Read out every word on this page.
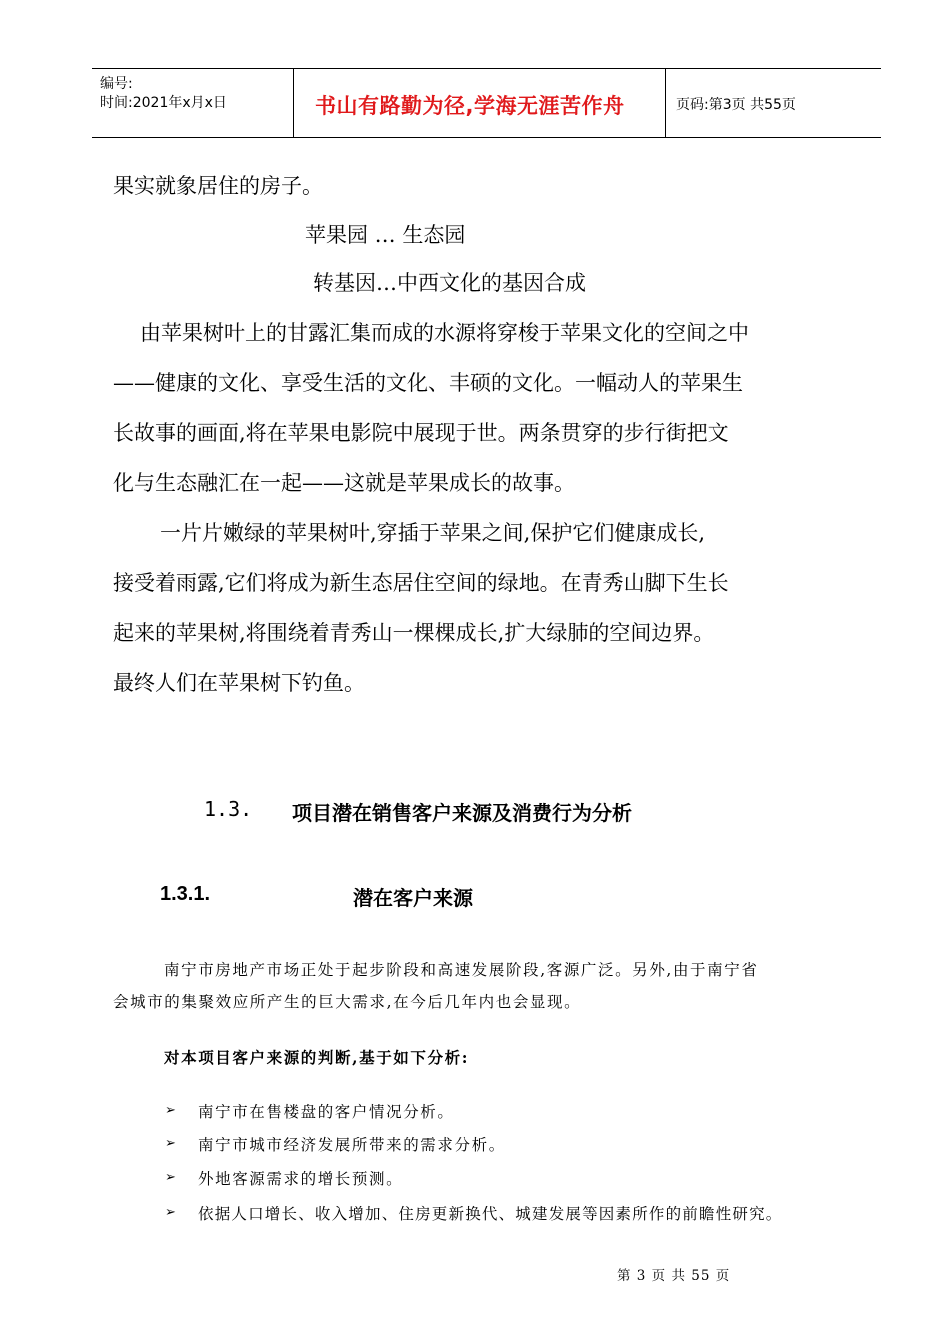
编号:
时间:2021年x月x日	书山有路勤为径,学海无涯苦作舟	页码:第3页 共55页
果实就象居住的房子。
苹果园 … 生态园
转基因…中西文化的基因合成
由苹果树叶上的甘露汇集而成的水源将穿梭于苹果文化的空间之中
——健康的文化、享受生活的文化、丰硕的文化。一幅动人的苹果生
长故事的画面,将在苹果电影院中展现于世。两条贯穿的步行街把文
化与生态融汇在一起——这就是苹果成长的故事。
一片片嫩绿的苹果树叶,穿插于苹果之间,保护它们健康成长,
接受着雨露,它们将成为新生态居住空间的绿地。在青秀山脚下生长
起来的苹果树,将围绕着青秀山一棵棵成长,扩大绿肺的空间边界。
最终人们在苹果树下钓鱼。
1.3. 项目潜在销售客户来源及消费行为分析
1.3.1.	潜在客户来源
南宁市房地产市场正处于起步阶段和高速发展阶段,客源广泛。另外,由于南宁省
会城市的集聚效应所产生的巨大需求,在今后几年内也会显现。
对本项目客户来源的判断,基于如下分析:
➢ 南宁市在售楼盘的客户情况分析。
➢ 南宁市城市经济发展所带来的需求分析。
➢ 外地客源需求的增长预测。
➢ 依据人口增长、收入增加、住房更新换代、城建发展等因素所作的前瞻性研究。
第 3 页 共 55 页
